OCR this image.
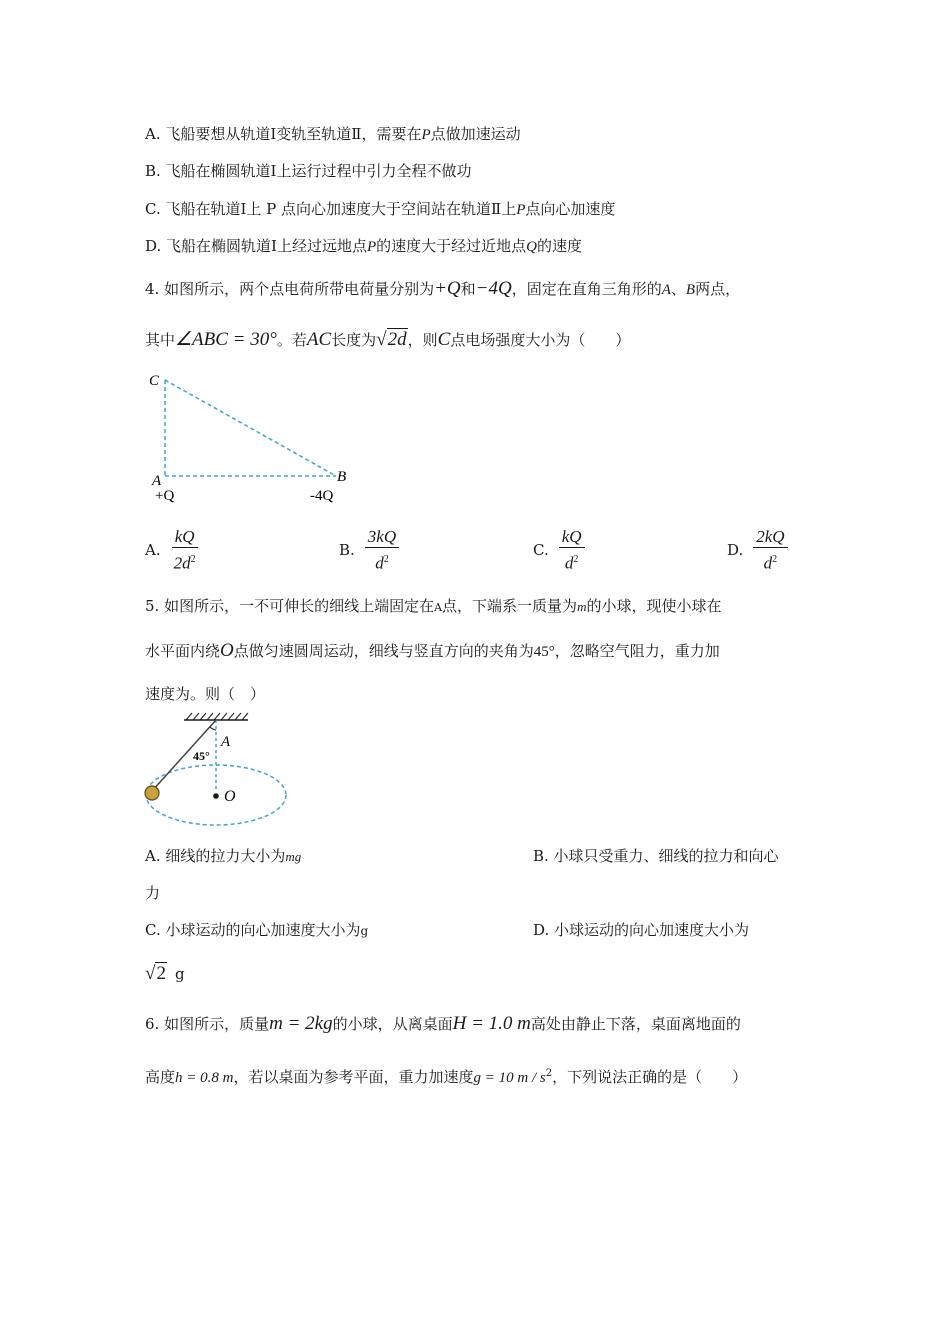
A. 飞船要想从轨道Ⅰ变轨至轨道Ⅱ，需要在P点做加速运动
B. 飞船在椭圆轨道Ⅰ上运行过程中引力全程不做功
C. 飞船在轨道Ⅰ上 P 点向心加速度大于空间站在轨道Ⅱ上P点向心加速度
D. 飞船在椭圆轨道Ⅰ上经过远地点P的速度大于经过近地点Q的速度
4. 如图所示，两个点电荷所带电荷量分别为+Q和−4Q，固定在直角三角形的A、B两点，
其中∠ABC = 30°。若AC长度为√2d，则C点电场强度大小为（　　）
C
A	B
+Q	-4Q
A. $\frac{kQ}{2d^2}$	B. $\frac{3kQ}{d^2}$	C. $\frac{kQ}{d^2}$	D. $\frac{2kQ}{d^2}$
5. 如图所示，一不可伸长的细线上端固定在A点，下端系一质量为m的小球，现使小球在
水平面内绕O点做匀速圆周运动，细线与竖直方向的夹角为45°，忽略空气阻力，重力加
速度为。则（　）
A
45°
O
A. 细线的拉力大小为mg	B. 小球只受重力、细线的拉力和向心
力
C. 小球运动的向心加速度大小为g	D. 小球运动的向心加速度大小为
√2 g
6. 如图所示，质量m = 2kg的小球，从离桌面H = 1.0 m高处由静止下落，桌面离地面的
高度h = 0.8 m，若以桌面为参考平面，重力加速度g = 10 m / $s^2$，下列说法正确的是（　　）
